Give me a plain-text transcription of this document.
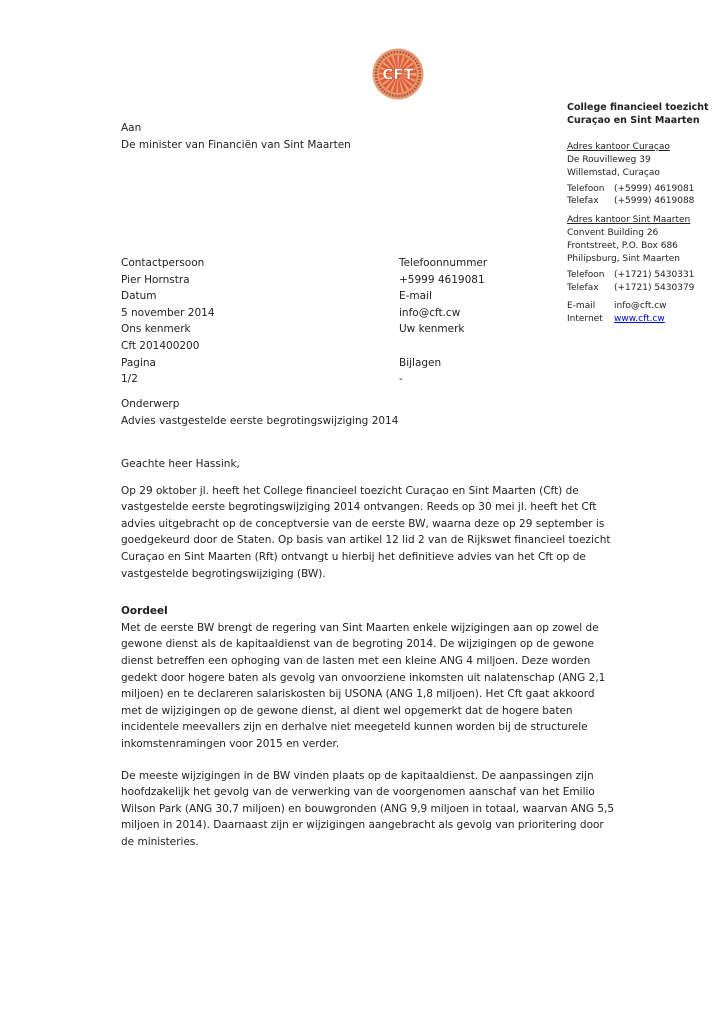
CFT
College financieel toezicht
Curaçao en Sint Maarten
Adres kantoor Curaçao
De Rouvilleweg 39
Willemstad, Curaçao
Telefoon	(+5999) 4619081
Telefax	(+5999) 4619088
Adres kantoor Sint Maarten
Convent Building 26
Frontstreet, P.O. Box 686
Philipsburg, Sint Maarten
Telefoon	(+1721) 5430331
Telefax	(+1721) 5430379
E-mail	info@cft.cw
Internet	www.cft.cw
Aan
De minister van Financiën van Sint Maarten
Contactpersoon	Telefoonnummer
Pier Hornstra	+5999 4619081
Datum	E-mail
5 november 2014	info@cft.cw
Ons kenmerk	Uw kenmerk
Cft 201400200
Pagina	Bijlagen
1/2	-
Onderwerp
Advies vastgestelde eerste begrotingswijziging 2014

Geachte heer Hassink,

Op 29 oktober jl. heeft het College financieel toezicht Curaçao en Sint Maarten (Cft) de vastgestelde eerste begrotingswijziging 2014 ontvangen. Reeds op 30 mei jl. heeft het Cft advies uitgebracht op de conceptversie van de eerste BW, waarna deze op 29 september is goedgekeurd door de Staten. Op basis van artikel 12 lid 2 van de Rijkswet financieel toezicht Curaçao en Sint Maarten (Rft) ontvangt u hierbij het definitieve advies van het Cft op de vastgestelde begrotingswijziging (BW).

Oordeel

Met de eerste BW brengt de regering van Sint Maarten enkele wijzigingen aan op zowel de gewone dienst als de kapitaaldienst van de begroting 2014. De wijzigingen op de gewone dienst betreffen een ophoging van de lasten met een kleine ANG 4 miljoen. Deze worden gedekt door hogere baten als gevolg van onvoorziene inkomsten uit nalatenschap (ANG 2,1 miljoen) en te declareren salariskosten bij USONA (ANG 1,8 miljoen). Het Cft gaat akkoord met de wijzigingen op de gewone dienst, al dient wel opgemerkt dat de hogere baten incidentele meevallers zijn en derhalve niet meegeteld kunnen worden bij de structurele inkomstenramingen voor 2015 en verder.

De meeste wijzigingen in de BW vinden plaats op de kapitaaldienst. De aanpassingen zijn hoofdzakelijk het gevolg van de verwerking van de voorgenomen aanschaf van het Emilio Wilson Park (ANG 30,7 miljoen) en bouwgronden (ANG 9,9 miljoen in totaal, waarvan ANG 5,5 miljoen in 2014). Daarnaast zijn er wijzigingen aangebracht als gevolg van prioritering door de ministeries.
